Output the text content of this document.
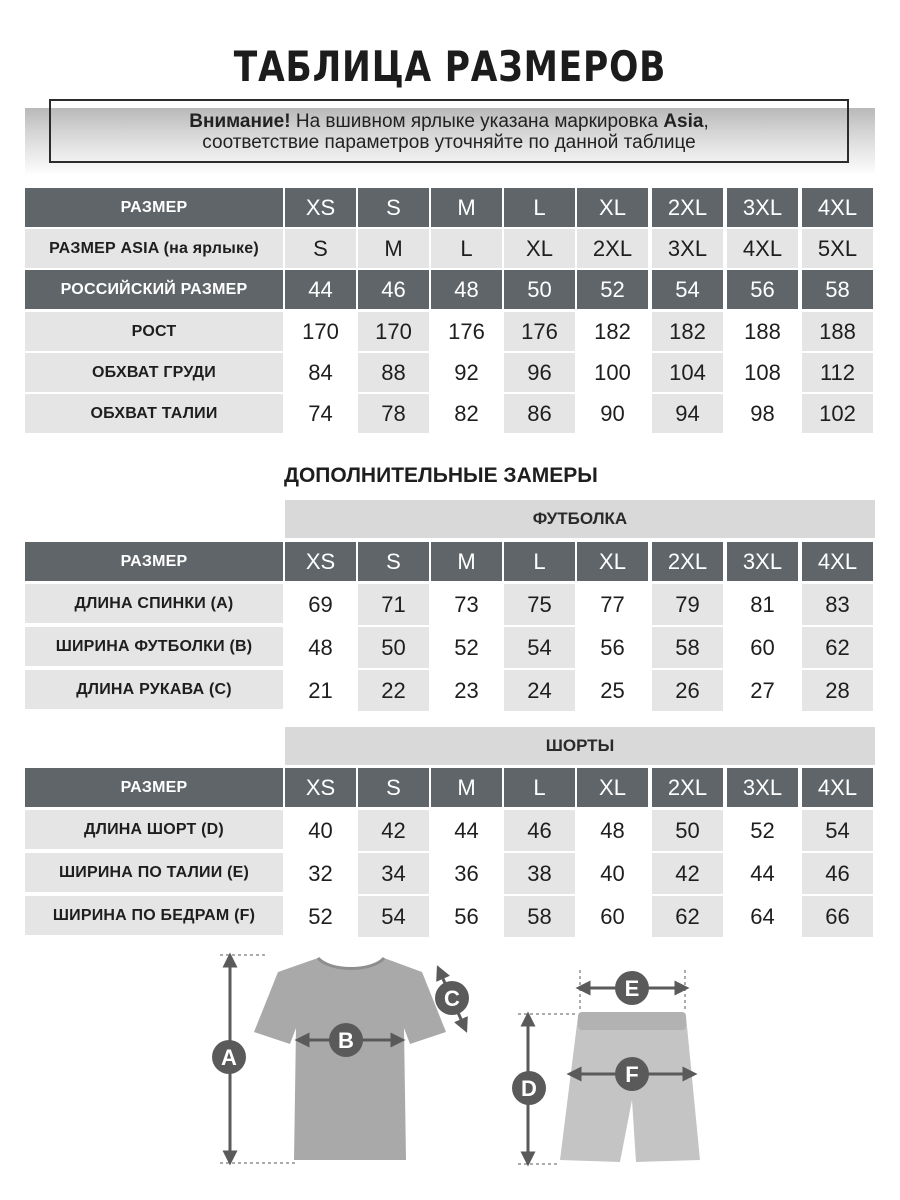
ТАБЛИЦА РАЗМЕРОВ
Внимание! На вшивном ярлыке указана маркировка Asia,
соответствие параметров уточняйте по данной таблице
РАЗМЕР	XS	S	M	L	XL	2XL	3XL	4XL
РАЗМЕР ASIA (на ярлыке)	S	M	L	XL	2XL	3XL	4XL	5XL
РОССИЙСКИЙ РАЗМЕР	44	46	48	50	52	54	56	58
РОСТ	170	170	176	176	182	182	188	188
ОБХВАТ ГРУДИ	84	88	92	96	100	104	108	112
ОБХВАТ ТАЛИИ	74	78	82	86	90	94	98	102
РАЗМЕР	XS	S	M	L	XL	2XL	3XL	4XL
ДЛИНА СПИНКИ (A)	69	71	73	75	77	79	81	83
ШИРИНА ФУТБОЛКИ (B)	48	50	52	54	56	58	60	62
ДЛИНА РУКАВА (C)	21	22	23	24	25	26	27	28
РАЗМЕР	XS	S	M	L	XL	2XL	3XL	4XL
ДЛИНА ШОРТ (D)	40	42	44	46	48	50	52	54
ШИРИНА ПО ТАЛИИ (E)	32	34	36	38	40	42	44	46
ШИРИНА ПО БЕДРАМ (F)	52	54	56	58	60	62	64	66
ДОПОЛНИТЕЛЬНЫЕ ЗАМЕРЫ
ФУТБОЛКА
ШОРТЫ
A
B
C
D
E
F
